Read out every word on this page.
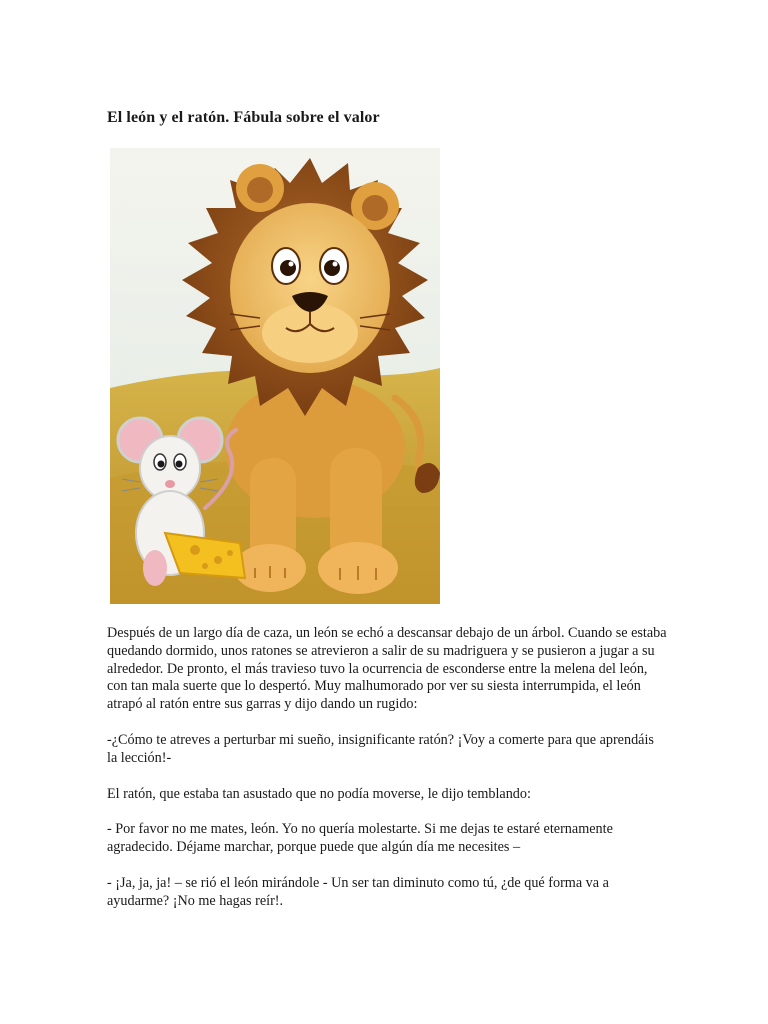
El león y el ratón. Fábula sobre el valor

Después de un largo día de caza, un león se echó a descansar debajo de un árbol. Cuando se estaba quedando dormido, unos ratones se atrevieron a salir de su madriguera y se pusieron a jugar a su alrededor. De pronto, el más travieso tuvo la ocurrencia de esconderse entre la melena del león, con tan mala suerte que lo despertó. Muy malhumorado por ver su siesta interrumpida, el león atrapó al ratón entre sus garras y dijo dando un rugido:

-¿Cómo te atreves a perturbar mi sueño, insignificante ratón? ¡Voy a comerte para que aprendáis la lección!-

El ratón, que estaba tan asustado que no podía moverse, le dijo temblando:

- Por favor no me mates, león. Yo no quería molestarte. Si me dejas te estaré eternamente agradecido. Déjame marchar, porque puede que algún día me necesites –

- ¡Ja, ja, ja! – se rió el león mirándole - Un ser tan diminuto como tú, ¿de qué forma va a ayudarme? ¡No me hagas reír!.
